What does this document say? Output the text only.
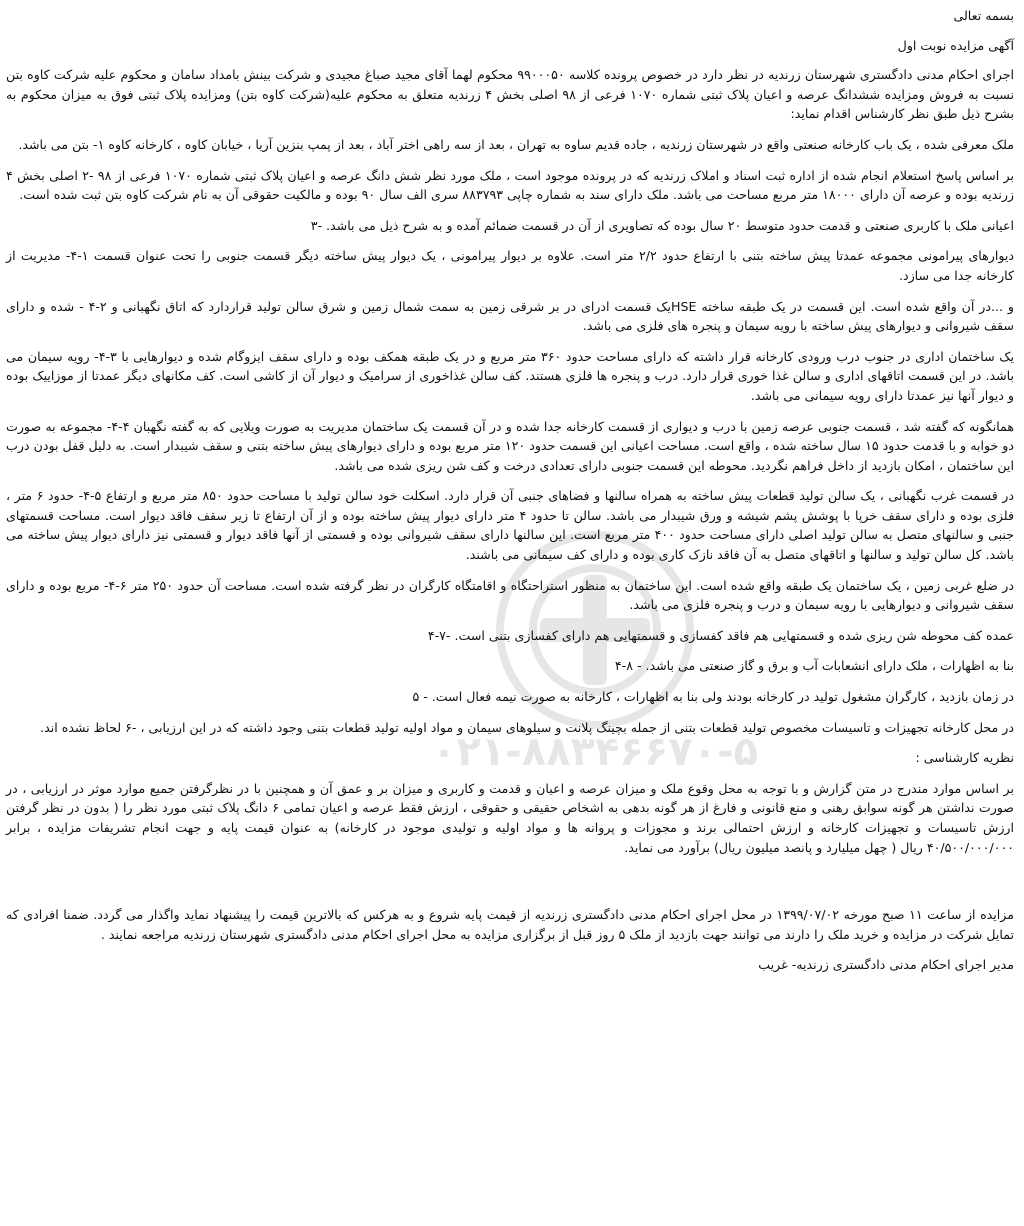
۰۲۱-۸۸۳۴۶۶۷۰-۵

بسمه تعالی

آگهی مزایده نوبت اول

اجرای احکام مدنی دادگستری شهرستان زرندیه در نظر دارد در خصوص پرونده کلاسه ۹۹۰۰۰۵۰ محکوم لهما آقای مجید صباغ مجیدی و شرکت بینش بامداد سامان و محکوم علیه شرکت کاوه بتن نسبت به فروش ومزایده ششدانگ عرصه و اعیان پلاک ثبتی شماره ۱۰۷۰ فرعی از ۹۸ اصلی بخش ۴ زرندیه متعلق به محکوم علیه(شرکت کاوه بتن) ومزایده پلاک ثبتی فوق به میزان محکوم به بشرح ذیل طبق نظر کارشناس اقدام نماید:

ملک معرفی شده ، یک باب کارخانه صنعتی واقع در شهرستان زرندیه ، جاده قدیم ساوه به تهران ، بعد از سه راهی اختر آباد ، بعد از پمپ بنزین آریا ، خیابان کاوه ، کارخانه کاوه ۱- بتن می باشد.

بر اساس پاسخ استعلام انجام شده از اداره ثبت اسناد و املاک زرندیه که در پرونده موجود است ، ملک مورد نظر شش دانگ عرصه و اعیان پلاک ثبتی شماره ۱۰۷۰ فرعی از ۹۸ -۲ اصلی بخش ۴ زرندیه بوده و عرصه آن دارای ۱۸۰۰۰ متر مربع مساحت می باشد. ملک دارای سند به شماره چاپی ۸۸۳۷۹۳ سری الف سال ۹۰ بوده و مالکیت حقوقی آن به نام شرکت کاوه بتن ثبت شده است.

اعیانی ملک با کاربری صنعتی و قدمت حدود متوسط ۲۰ سال بوده که تصاویری از آن در قسمت ضمائم آمده و به شرح ذیل می باشد. -۳

دیوارهای پیرامونی مجموعه عمدتا پیش ساخته بتنی با ارتفاع حدود ۲/۲ متر است. علاوه بر دیوار پیرامونی ، یک دیوار پیش ساخته دیگر قسمت جنوبی را تحت عنوان قسمت ۱-۴- مدیریت از کارخانه جدا می سازد.

و ...در آن واقع شده است. این قسمت در یک طبقه ساخته HSEیک قسمت ادرای در بر شرقی زمین به سمت شمال زمین و شرق سالن تولید قراردارد که اتاق نگهبانی و ۲-۴ - شده و دارای سقف شیروانی و دیوارهای پیش ساخته با رویه سیمان و پنجره های فلزی می باشد.

یک ساختمان اداری در جنوب درب ورودی کارخانه قرار داشته که دارای مساحت حدود ۳۶۰ متر مربع و در یک طبقه همکف بوده و دارای سقف ایزوگام شده و دیوارهایی با ۳-۴- رویه سیمان می باشد. در این قسمت اتاقهای اداری و سالن غذا خوری قرار دارد. درب و پنجره ها فلزی هستند. کف سالن غذاخوری از سرامیک و دیوار آن از کاشی است. کف مکانهای دیگر عمدتا از موزاییک بوده و دیوار آنها نیز عمدتا دارای رویه سیمانی می باشد.

همانگونه که گفته شد ، قسمت جنوبی عرصه زمین با درب و دیواری از قسمت کارخانه جدا شده و در آن قسمت یک ساختمان مدیریت به صورت ویلایی که به گفته نگهبان ۴-۴- مجموعه به صورت دو خوابه و با قدمت حدود ۱۵ سال ساخته شده ، واقع است. مساحت اعیانی این قسمت حدود ۱۲۰ متر مربع بوده و دارای دیوارهای پیش ساخته بتنی و سقف شیبدار است. به دلیل قفل بودن درب این ساختمان ، امکان بازدید از داخل فراهم نگردید. محوطه این قسمت جنوبی دارای تعدادی درخت و کف شن ریزی شده می باشد.

در قسمت غرب نگهبانی ، یک سالن تولید قطعات پیش ساخته به همراه سالنها و فضاهای جنبی آن قرار دارد. اسکلت خود سالن تولید با مساحت حدود ۸۵۰ متر مربع و ارتفاع ۵-۴- حدود ۶ متر ، فلزی بوده و دارای سقف خرپا با پوشش پشم شیشه و ورق شیبدار می باشد. سالن تا حدود ۴ متر دارای دیوار پیش ساخته بوده و از آن ارتفاع تا زیر سقف فاقد دیوار است. مساحت قسمتهای جنبی و سالنهای متصل به سالن تولید اصلی دارای مساحت حدود ۴۰۰ متر مربع است. این سالنها دارای سقف شیروانی بوده و قسمتی از آنها فاقد دیوار و قسمتی نیز دارای دیوار پیش ساخته می باشد. کل سالن تولید و سالنها و اتاقهای متصل به آن فاقد نازک کاری بوده و دارای کف سیمانی می باشند.

در ضلع غربی زمین ، یک ساختمان یک طبقه واقع شده است. این ساختمان به منظور استراحتگاه و اقامتگاه کارگران در نظر گرفته شده است. مساحت آن حدود ۲۵۰ متر ۶-۴- مربع بوده و دارای سقف شیروانی و دیوارهایی با رویه سیمان و درب و پنجره فلزی می باشد.

عمده کف محوطه شن ریزی شده و قسمتهایی هم فاقد کفسازی و قسمتهایی هم دارای کفسازی بتنی است. -۷-۴

بنا به اظهارات ، ملک دارای انشعابات آب و برق و گاز صنعتی می باشد. - ۸-۴

در زمان بازدید ، کارگران مشغول تولید در کارخانه بودند ولی بنا به اظهارات ، کارخانه به صورت نیمه فعال است. - ۵

در محل کارخانه تجهیزات و تاسیسات مخصوص تولید قطعات بتنی از جمله بچینگ پلانت و سیلوهای سیمان و مواد اولیه تولید قطعات بتنی وجود داشته که در این ارزیابی ، -۶ لحاظ نشده اند.

نظریه کارشناسی :

بر اساس موارد مندرج در متن گزارش و با توجه به محل وقوع ملک و میزان عرصه و اعیان و قدمت و کاربری و میزان بر و عمق آن و همچنین با در نظرگرفتن جمیع موارد موثر در ارزیابی ، در صورت نداشتن هر گونه سوابق رهنی و منع قانونی و فارغ از هر گونه بدهی به اشخاص حقیقی و حقوقی ، ارزش فقط عرصه و اعیان تمامی ۶ دانگ پلاک ثبتی مورد نظر را ( بدون در نظر گرفتن ارزش تاسیسات و تجهیزات کارخانه و ارزش احتمالی برند و مجوزات و پروانه ها و مواد اولیه و تولیدی موجود در کارخانه) به عنوان قیمت پایه و جهت انجام تشریفات مزایده ، برابر ۴۰/۵۰۰/۰۰۰/۰۰۰ ریال ( چهل میلیارد و پانصد میلیون ریال) برآورد می نماید.

مزایده از ساعت ۱۱ صبح مورخه ۱۳۹۹/۰۷/۰۲ در محل اجرای احکام مدنی دادگستری زرندیه از قیمت پایه شروع و به هرکس که بالاترین قیمت را پیشنهاد نماید واگذار می گردد. ضمنا افرادی که تمایل شرکت در مزایده و خرید ملک را دارند می توانند جهت بازدید از ملک ۵ روز قبل از برگزاری مزایده به محل اجرای احکام مدنی دادگستری شهرستان زرندیه مراجعه نمایند .

مدیر اجرای احکام مدنی دادگستری زرندیه- غریب
